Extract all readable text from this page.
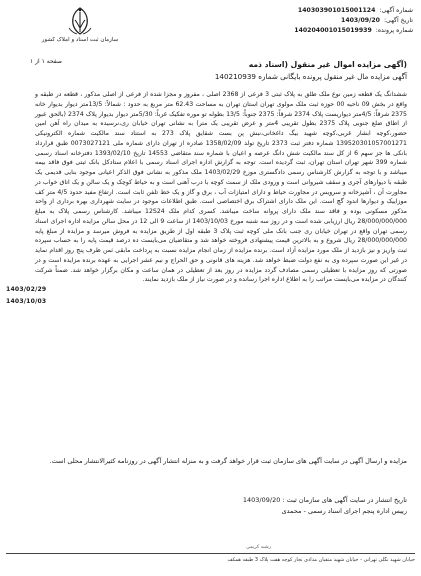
شماره آگهی: 140303901015001124
تاریخ آگهی: 1403/09/20
شماره پرونده: 140204001015019939
سازمان ثبت اسناد و املاک کشور
صفحه ۱ از ۱	(آگهی مزایده اموال غیر منقول (اسناد ذمه
آگهی مزایده مال غیر منقول پرونده بایگانی شماره 140210939
ششدانگ یک قطعه زمین نوع ملک طلق به پلاک ثبتی 3 فرعی از 2368 اصلی ، مفروز و مجزا شده از فرعی از اصلی مذکور ، قطعه در طبقه و واقع در بخش 09 ناحیه 00 حوزه ثبت ملک مولوی تهران استان تهران به مساحت 62.43 متر مربع به حدود : شمالاً: 13/5متر دیوار بدیوار خانه 2375 شرقاً: 4/5متر دیواریست پلاک 2374 شرقاً: 2375 جنوباً: 13/5 بطوله تو موره تفکیک غرباً: 5/30متر دیوار بدیوار پلاک 2374 (بالحق عبور از اطاق ضلع جنوبی پلاک 2375 بطول تقریبی 4متر و عرض تقریبی یک متر) به نشانی تهران خیابان ری،نرسیده به میدان راه آهن امین حضور،کوچه ابشار غربی،کوچه شهید بیگ داغخانی،نبش پن بست شقایق پلاک 273 به استناد سند مالکیت شماره الکترونیکی 139520301057001271 شماره دفتر ثبت 2373 تاریخ تولد 1358/02/09 صادره از تهران دارای شماره ملی 0073027121 طبق قرارداد بانکی ها جز سهم 6 از کل سند مالکیت شش دانگ عرصه و اعیان با شماره سند متقاضی 14553 تاریخ 1393/02/10 دفترخانه اسناد رسمی شماره 399 شهر تهران استان تهران، ثبت گردیده است. توجه به گزارش اداره اجرای اسناد رسمی با اعلام ستادکل بانک ثبتی فوق فاقد بیمه میباشد و با توجه به گزارش کارشناس رسمی دادگستری مورخ 1403/02/29 ملک مذکور به نشانی فوق الذکر اعیانی موجود بنایی قدیمی یک طبقه با دیوارهای آجری و سقف شیروانی است و ورودی ملک از سمت کوچه با درب آهنی است و به حیاط کوچک و یک سالن و یک اتاق خواب در مجاورت آن ، آشپزخانه و سرویس در مجاورت حیاط و دارای امتیازات آب ، برق و گاز و یک خط تلفن ثابت است. ارتفاع مفید حدود 4/5 متر کف موزاییک و دیوارها اندود گچ است. این ملک دارای اشتراک برق اختصاصی است. طبق اطلاعات موجود در سایت شهرداری بهره برداری از واحد مذکور مسکونی بوده و فاقد سند ملک دارای پروانه ساخت میباشد. کسری کدام ملک 12S24 میباشد. کارشناس رسمی پلاک به مبلغ 28/000/000/000 ریال ارزیابی شده است و در روز سه شنبه مورخ 1403/10/03 از ساعت 9 الی 12 در محل سالن مزایده اداره اجرای اسناد رسمی تهران واقع در تهران خیابان ری جنب بانک ملی کوچه ثبت پلاک 3 طبقه اول از طریق مزایده به فروش میرسد و مزایده از مبلغ پایه 28/000/000/000 ریال شروع و به بالاترین قیمت پیشنهادی فروخته خواهد شد و متقاضیان می‌بایست ده درصد قیمت پایه را به حساب سپرده ثبت واریز و نیز بازدید از ملک مورد مزایده آزاد است. برنده مزایده از زمان انجام مزایده نسبت به پرداخت مابقی ثمن ظرف پنج روز اقدام نماید در غیر این صورت سپرده وی به نفع دولت ضبط خواهد شد. هزینه های قانونی و حق الحراج و نیم عشر اجرایی به عهده برنده مزایده است و در صورتی که روز مزایده با تعطیلی رسمی مصادف گردد مزایده در روز بعد از تعطیلی در همان ساعت و مکان برگزار خواهد شد. ضمناً شرکت کنندگان در مزایده می‌بایست مراتب را به اطلاع اداره اجرا رسانده و در صورت نیاز از ملک بازدید نمایند.
1403/02/29
1403/10/03
مزایده و ارسال آگهی در سایت آگهی های سازمان ثبت قرار خواهد گرفت و به منزله انتشار آگهی در روزنامه کثیرالانتشار محلی است.
تاریخ انتشار در سایت آگهی های سازمان ثبت : 1403/09/20
رییس اداره پنجم اجرای اسناد رسمی - محمدی
رشید کریمی
خیابان شهید نگلی تهرانی - خیابان شهید متقیان مدادی نجار کوچه هفت پلاک 3 طبقه همکف
